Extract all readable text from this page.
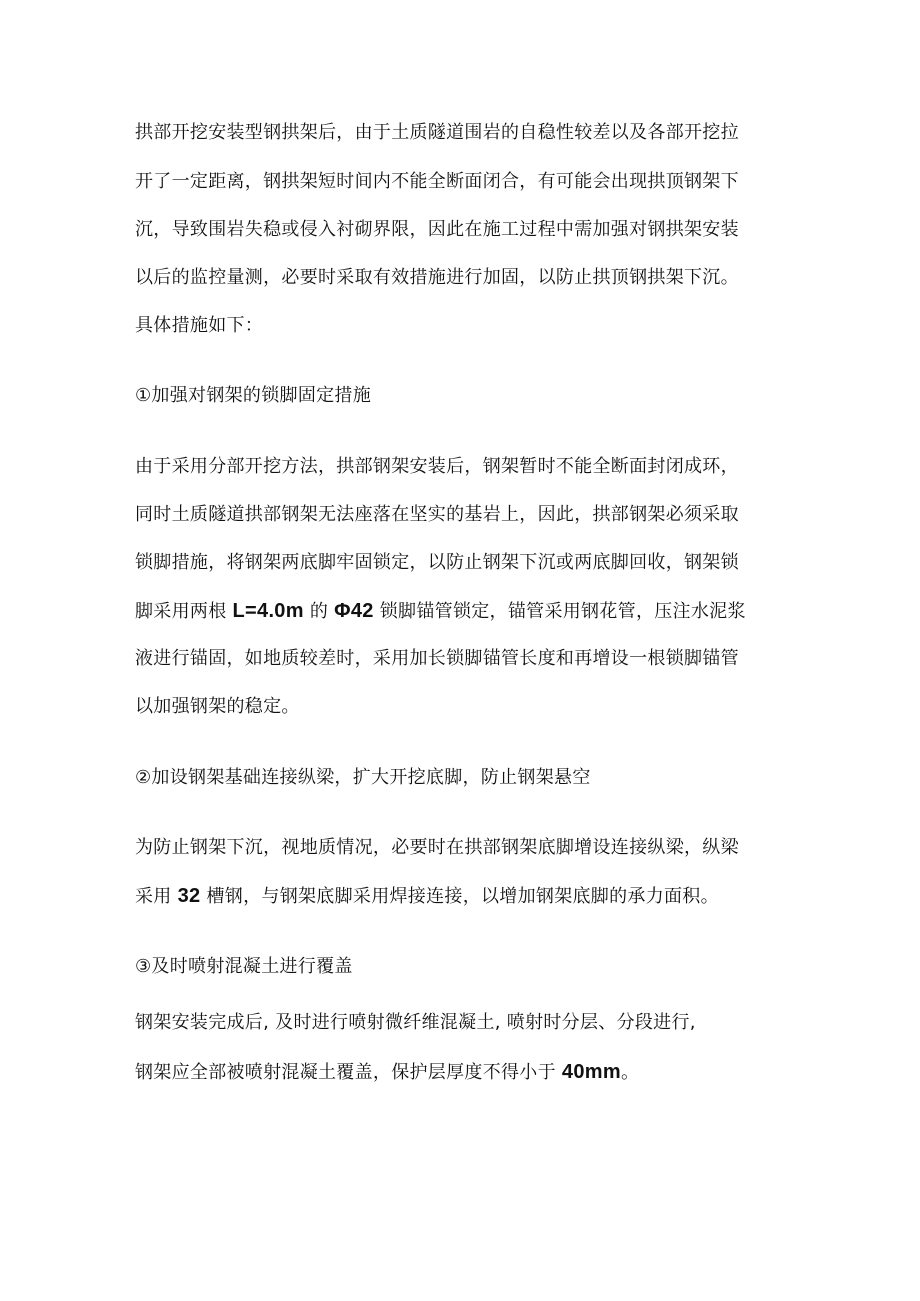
拱部开挖安装型钢拱架后，由于土质隧道围岩的自稳性较差以及各部开挖拉
开了一定距离，钢拱架短时间内不能全断面闭合，有可能会出现拱顶钢架下
沉，导致围岩失稳或侵入衬砌界限，因此在施工过程中需加强对钢拱架安装
以后的监控量测，必要时采取有效措施进行加固，以防止拱顶钢拱架下沉。
具体措施如下：
①加强对钢架的锁脚固定措施
由于采用分部开挖方法，拱部钢架安装后，钢架暂时不能全断面封闭成环，
同时土质隧道拱部钢架无法座落在坚实的基岩上，因此，拱部钢架必须采取
锁脚措施，将钢架两底脚牢固锁定，以防止钢架下沉或两底脚回收，钢架锁
脚采用两根 L=4.0m 的 Φ42 锁脚锚管锁定，锚管采用钢花管，压注水泥浆
液进行锚固，如地质较差时，采用加长锁脚锚管长度和再增设一根锁脚锚管
以加强钢架的稳定。
②加设钢架基础连接纵梁，扩大开挖底脚，防止钢架悬空
为防止钢架下沉，视地质情况，必要时在拱部钢架底脚增设连接纵梁，纵梁
采用 32 槽钢，与钢架底脚采用焊接连接，以增加钢架底脚的承力面积。
③及时喷射混凝土进行覆盖
钢架安装完成后, 及时进行喷射微纤维混凝土, 喷射时分层、分段进行,
钢架应全部被喷射混凝土覆盖，保护层厚度不得小于 40mm。
